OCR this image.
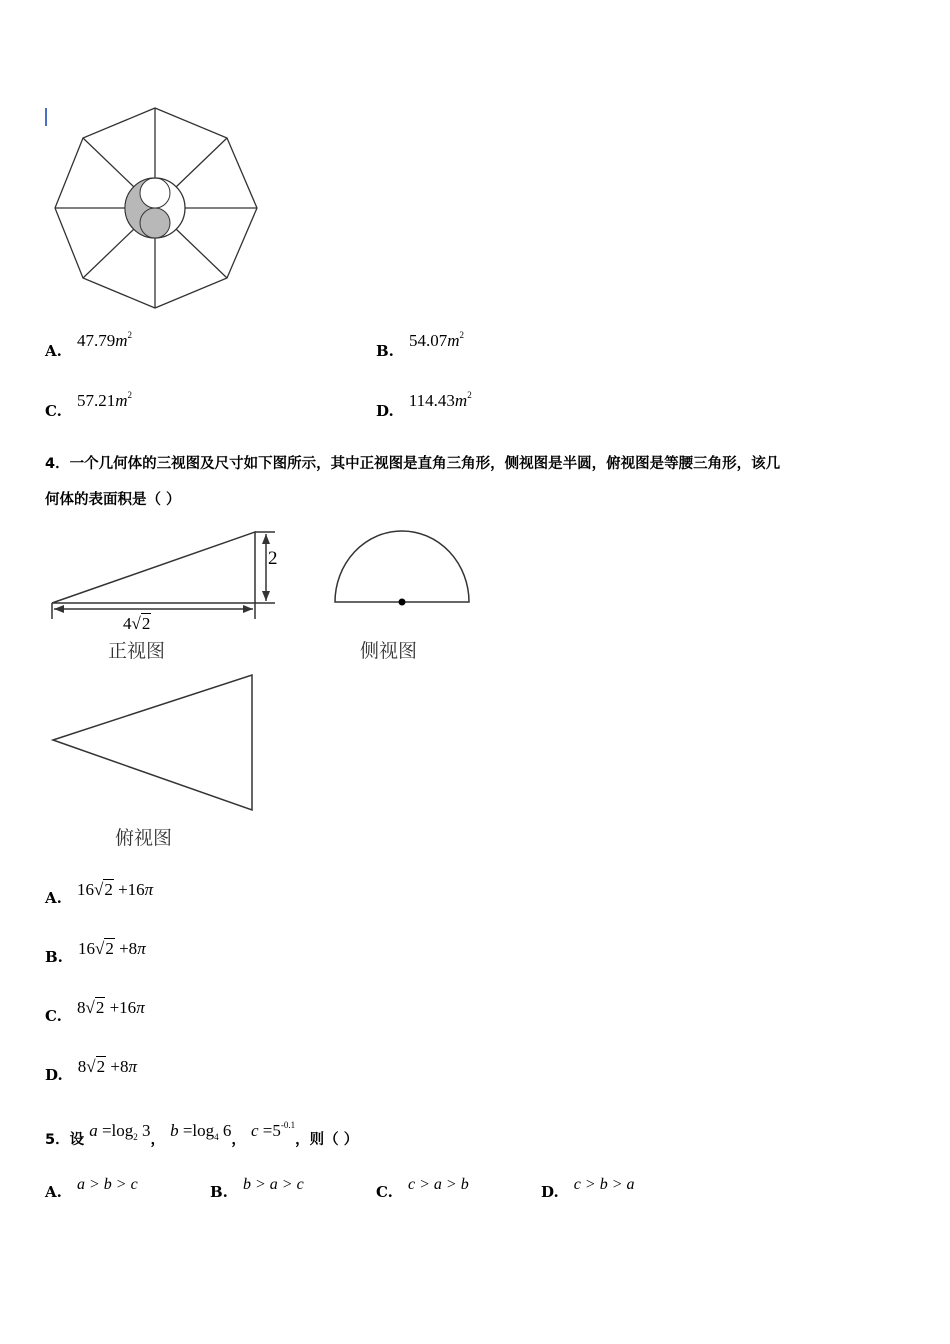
A. $47.79m^2$
B. $54.07m^2$
C. $57.21m^2$
D. $114.43m^2$
4．一个几何体的三视图及尺寸如下图所示，其中正视图是直角三角形，侧视图是半圆，俯视图是等腰三角形，该几
何体的表面积是（ ）
2
4√2
正视图	侧视图
俯视图
A. 16√2 +16π
B. 16√2 +8π
C. 8√2 +16π
D. 8√2 +8π
5．设 $a =\log_2$ 3， $b =\log_4$ 6， $c =5^{-0.1}$，则（ ）
A. a > b > c	B. b > a > c	C. c > a > b	D. c > b > a
